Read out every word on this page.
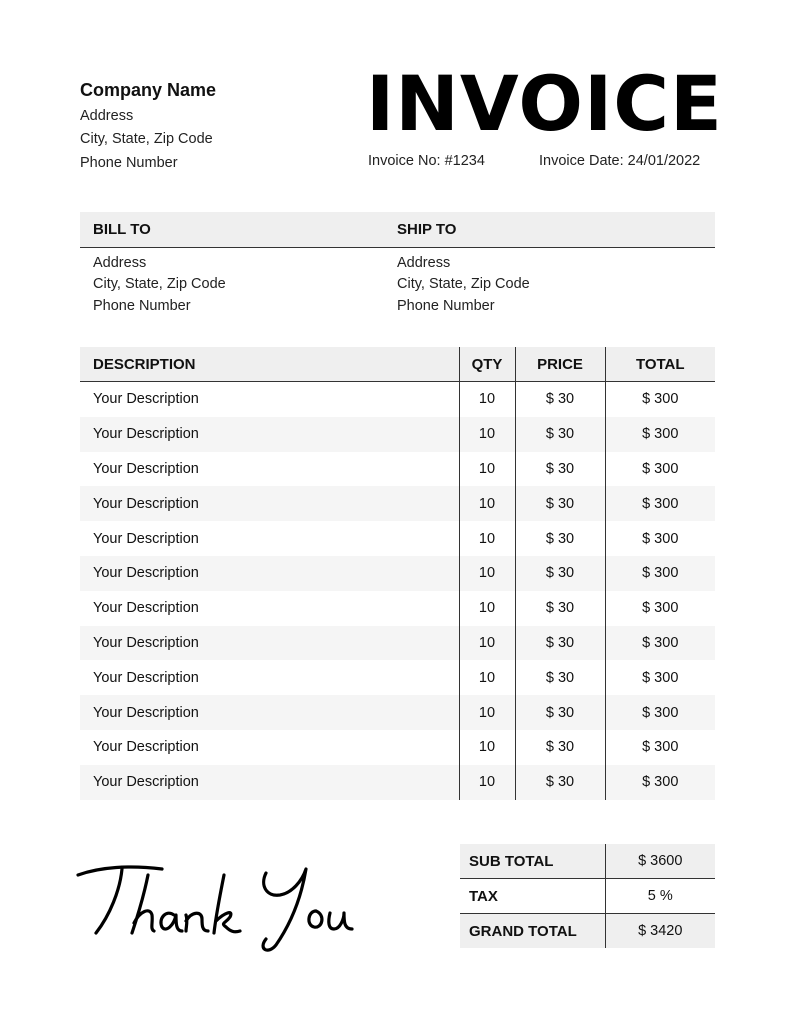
Company Name
Address
City, State, Zip Code
Phone Number
INVOICE
Invoice No: #1234	Invoice Date: 24/01/2022
BILL TO	SHIP TO
Address
City, State, Zip Code
Phone Number
Address
City, State, Zip Code
Phone Number
DESCRIPTION	QTY	PRICE	TOTAL
Your Description	10	$ 30	$ 300
Your Description	10	$ 30	$ 300
Your Description	10	$ 30	$ 300
Your Description	10	$ 30	$ 300
Your Description	10	$ 30	$ 300
Your Description	10	$ 30	$ 300
Your Description	10	$ 30	$ 300
Your Description	10	$ 30	$ 300
Your Description	10	$ 30	$ 300
Your Description	10	$ 30	$ 300
Your Description	10	$ 30	$ 300
Your Description	10	$ 30	$ 300
Thank You
SUB TOTAL	$ 3600
TAX	5 %
GRAND TOTAL	$ 3420
